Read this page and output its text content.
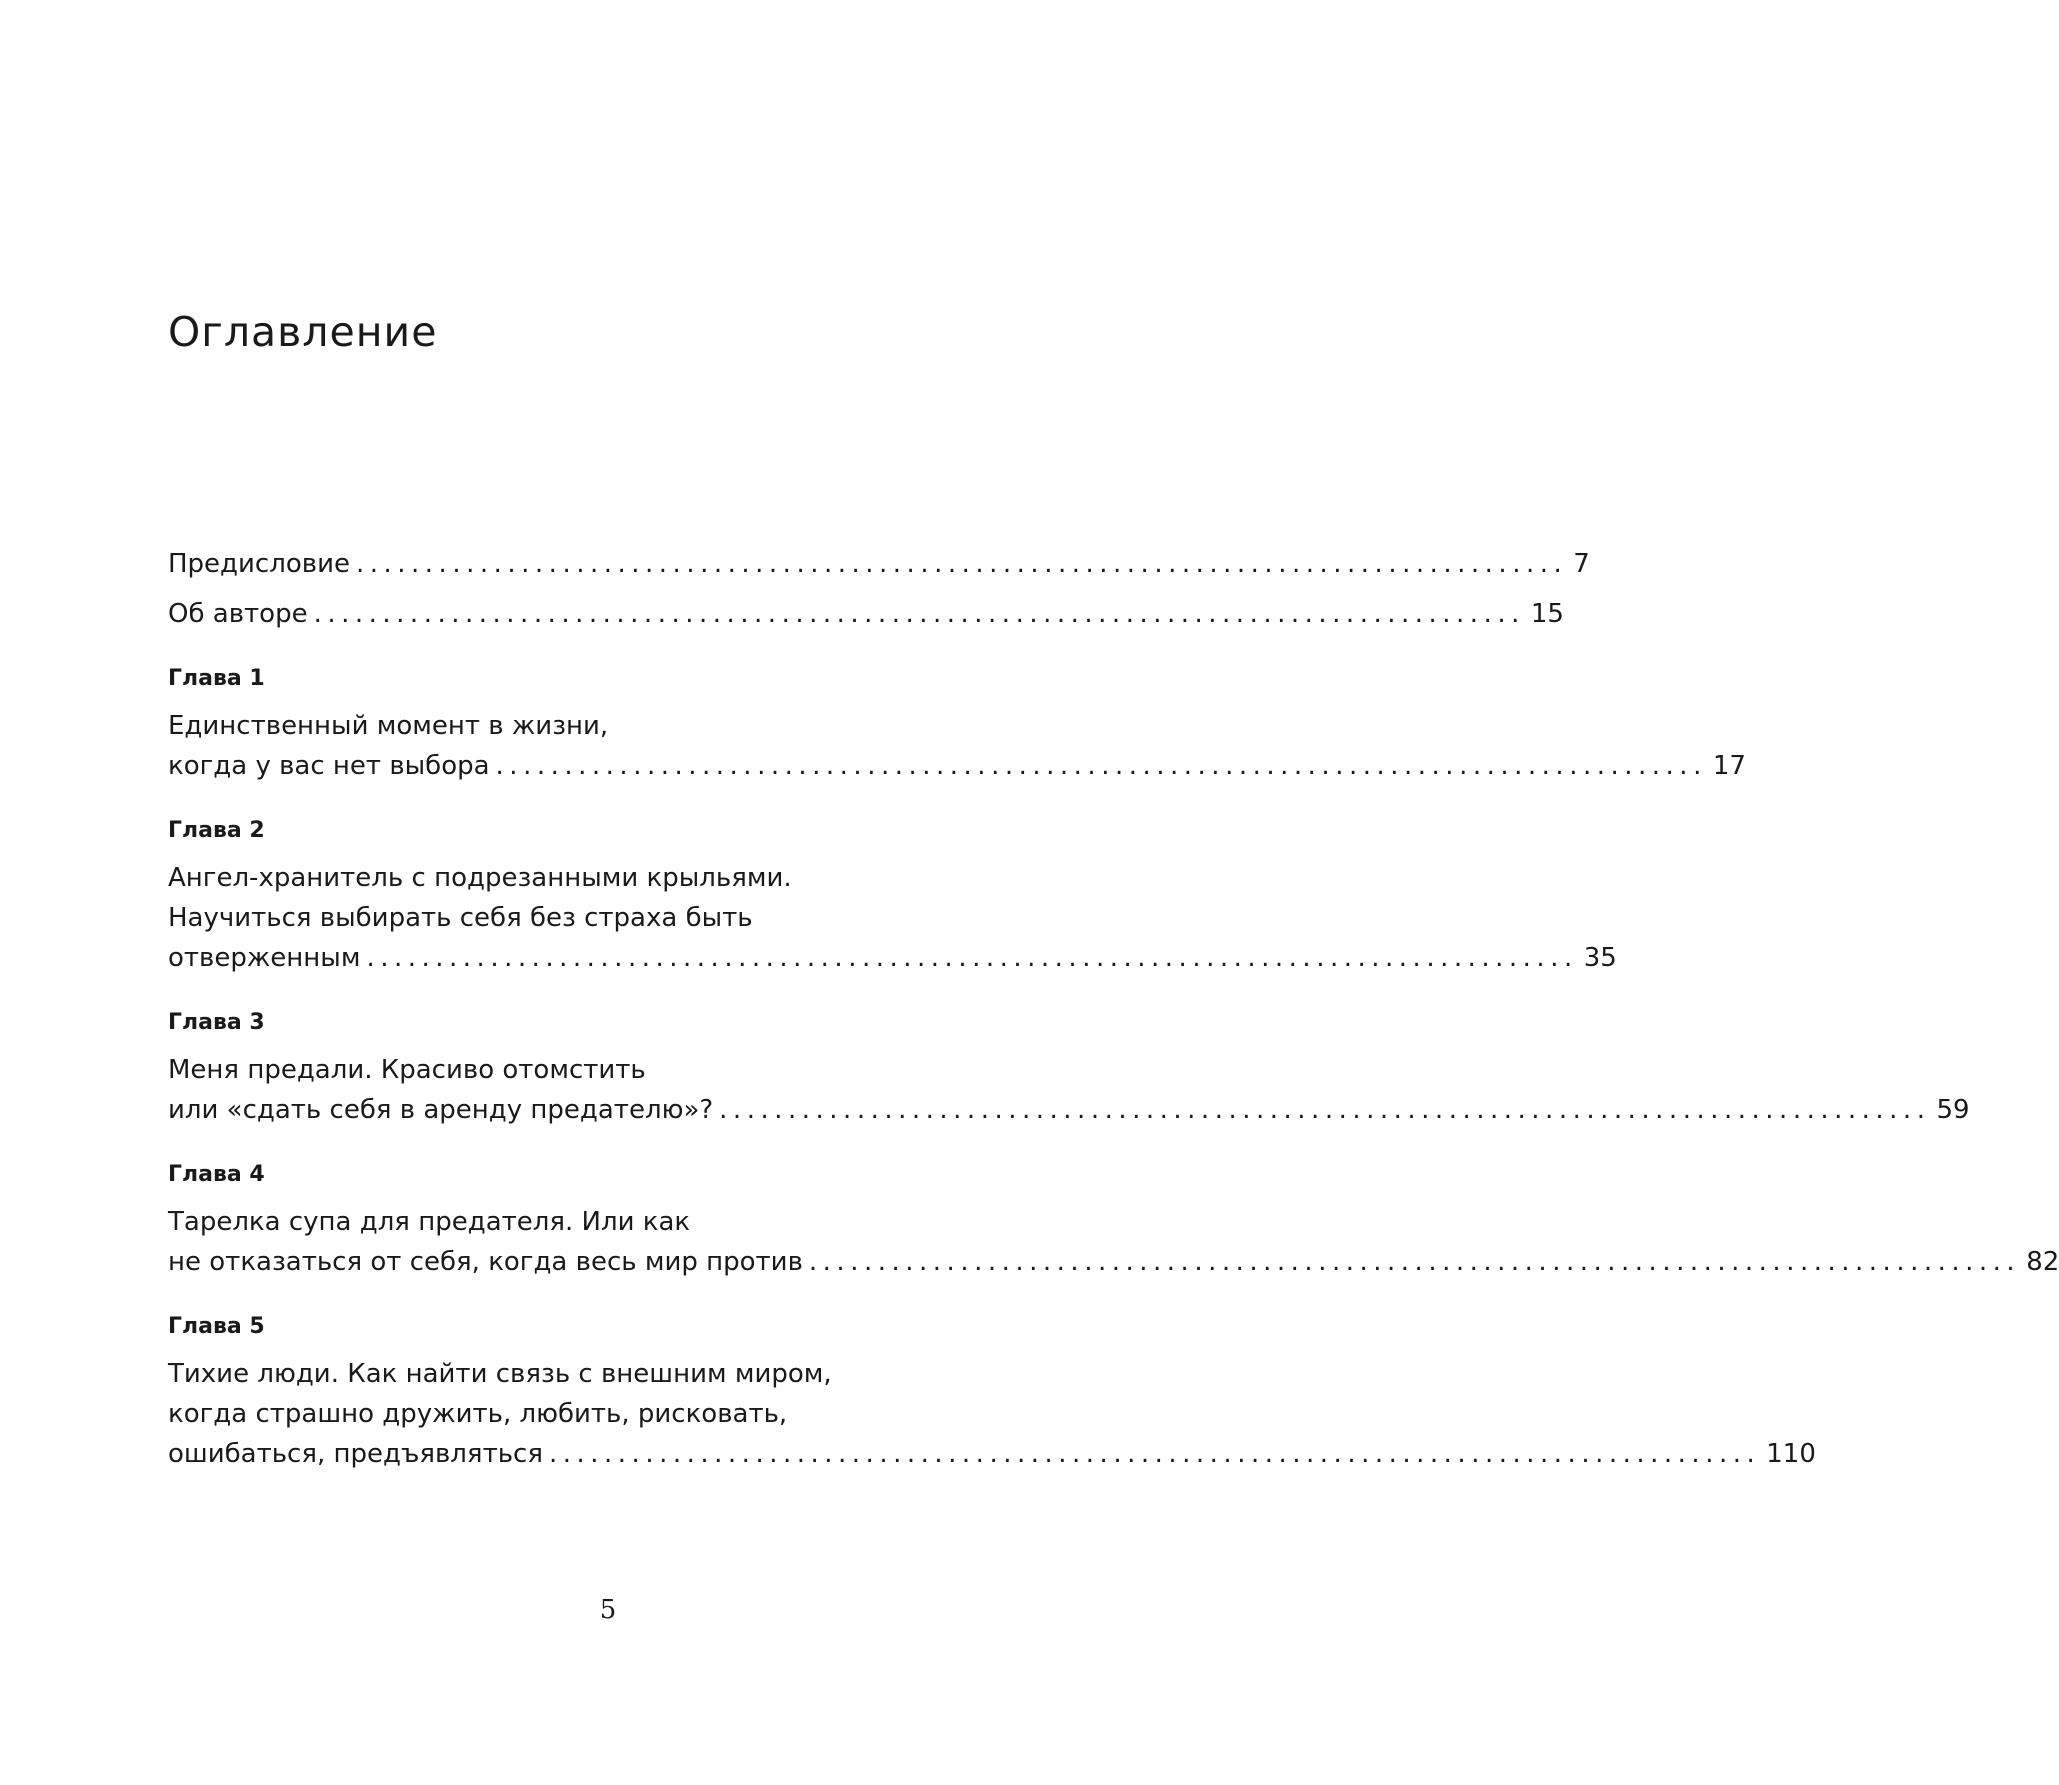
Оглавление
Предисловие ........................................................................................ 7
Об авторе ........................................................................................ 15
Глава 1
Единственный момент в жизни,
когда у вас нет выбора ........................................................................................ 17
Глава 2
Ангел-хранитель с подрезанными крыльями.
Научиться выбирать себя без страха быть
отверженным ........................................................................................ 35
Глава 3
Меня предали. Красиво отомстить
или «сдать себя в аренду предателю»? ........................................................................................ 59
Глава 4
Тарелка супа для предателя. Или как
не отказаться от себя, когда весь мир против ........................................................................................ 82
Глава 5
Тихие люди. Как найти связь с внешним миром,
когда страшно дружить, любить, рисковать,
ошибаться, предъявляться ........................................................................................ 110
5
